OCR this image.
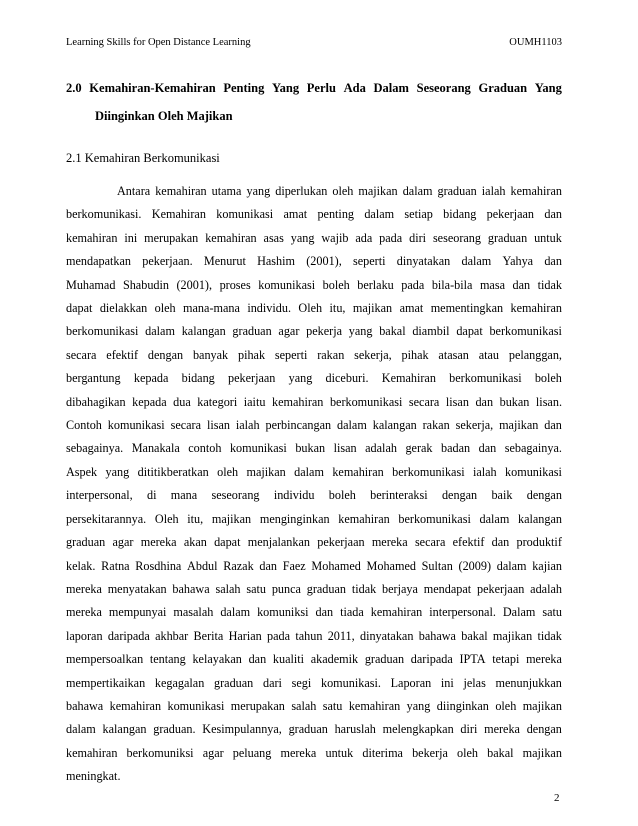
Learning Skills for Open Distance Learning	OUMH1103
2.0 Kemahiran-Kemahiran Penting Yang Perlu Ada Dalam Seseorang Graduan Yang
Diinginkan Oleh Majikan
2.1 Kemahiran Berkomunikasi
Antara kemahiran utama yang diperlukan oleh majikan dalam graduan ialah kemahiran
berkomunikasi. Kemahiran komunikasi amat penting dalam setiap bidang pekerjaan dan
kemahiran ini merupakan kemahiran asas yang wajib ada pada diri seseorang graduan untuk
mendapatkan pekerjaan. Menurut Hashim (2001), seperti dinyatakan dalam Yahya dan
Muhamad Shabudin (2001), proses komunikasi boleh berlaku pada bila-bila masa dan tidak
dapat dielakkan oleh mana-mana individu. Oleh itu, majikan amat mementingkan kemahiran
berkomunikasi dalam kalangan graduan agar pekerja yang bakal diambil dapat berkomunikasi
secara efektif dengan banyak pihak seperti rakan sekerja, pihak atasan atau pelanggan,
bergantung kepada bidang pekerjaan yang diceburi. Kemahiran berkomunikasi boleh
dibahagikan kepada dua kategori iaitu kemahiran berkomunikasi secara lisan dan bukan lisan.
Contoh komunikasi secara lisan ialah perbincangan dalam kalangan rakan sekerja, majikan dan
sebagainya. Manakala contoh komunikasi bukan lisan adalah gerak badan dan sebagainya.
Aspek yang dititikberatkan oleh majikan dalam kemahiran berkomunikasi ialah komunikasi
interpersonal, di mana seseorang individu boleh berinteraksi dengan baik dengan
persekitarannya. Oleh itu, majikan menginginkan kemahiran berkomunikasi dalam kalangan
graduan agar mereka akan dapat menjalankan pekerjaan mereka secara efektif dan produktif
kelak. Ratna Rosdhina Abdul Razak dan Faez Mohamed Mohamed Sultan (2009) dalam kajian
mereka menyatakan bahawa salah satu punca graduan tidak berjaya mendapat pekerjaan adalah
mereka mempunyai masalah dalam komuniksi dan tiada kemahiran interpersonal. Dalam satu
laporan daripada akhbar Berita Harian pada tahun 2011, dinyatakan bahawa bakal majikan tidak
mempersoalkan tentang kelayakan dan kualiti akademik graduan daripada IPTA tetapi mereka
mempertikaikan kegagalan graduan dari segi komunikasi. Laporan ini jelas menunjukkan
bahawa kemahiran komunikasi merupakan salah satu kemahiran yang diinginkan oleh majikan
dalam kalangan graduan. Kesimpulannya, graduan haruslah melengkapkan diri mereka dengan
kemahiran berkomuniksi agar peluang mereka untuk diterima bekerja oleh bakal majikan
meningkat.
2
